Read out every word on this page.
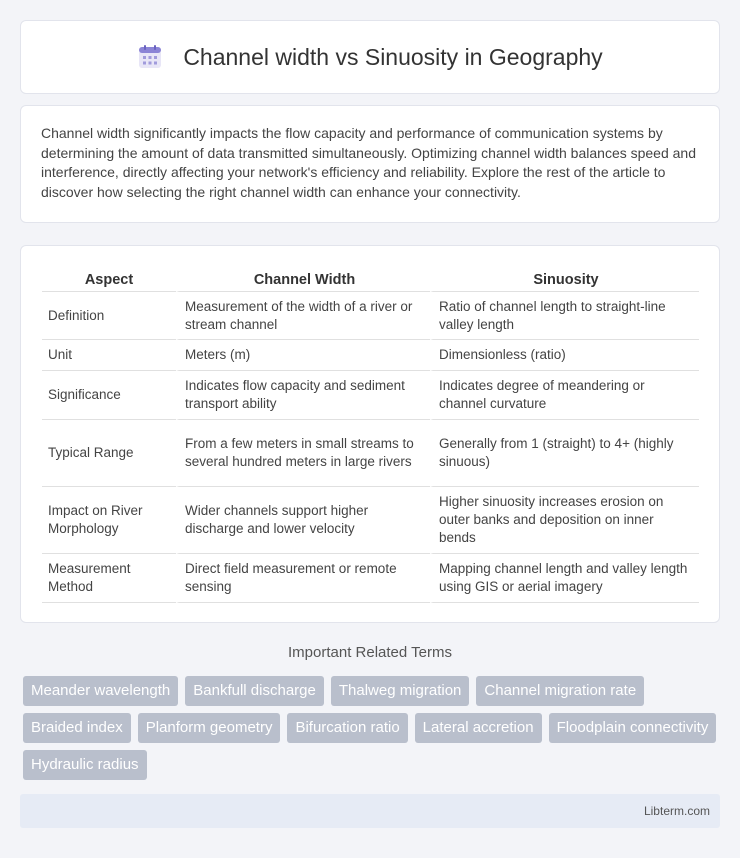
Channel width vs Sinuosity in Geography

Channel width significantly impacts the flow capacity and performance of communication systems by determining the amount of data transmitted simultaneously. Optimizing channel width balances speed and interference, directly affecting your network's efficiency and reliability. Explore the rest of the article to discover how selecting the right channel width can enhance your connectivity.

Aspect	Channel Width	Sinuosity
Definition	Measurement of the width of a river or stream channel	Ratio of channel length to straight-line valley length
Unit	Meters (m)	Dimensionless (ratio)
Significance	Indicates flow capacity and sediment transport ability	Indicates degree of meandering or channel curvature
Typical Range	From a few meters in small streams to several hundred meters in large rivers	Generally from 1 (straight) to 4+ (highly sinuous)
Impact on River Morphology	Wider channels support higher discharge and lower velocity	Higher sinuosity increases erosion on outer banks and deposition on inner bends
Measurement Method	Direct field measurement or remote sensing	Mapping channel length and valley length using GIS or aerial imagery
Important Related Terms
Meander wavelength	Bankfull discharge	Thalweg migration	Channel migration rate
Braided index	Planform geometry	Bifurcation ratio	Lateral accretion	Floodplain connectivity
Hydraulic radius
Libterm.com
